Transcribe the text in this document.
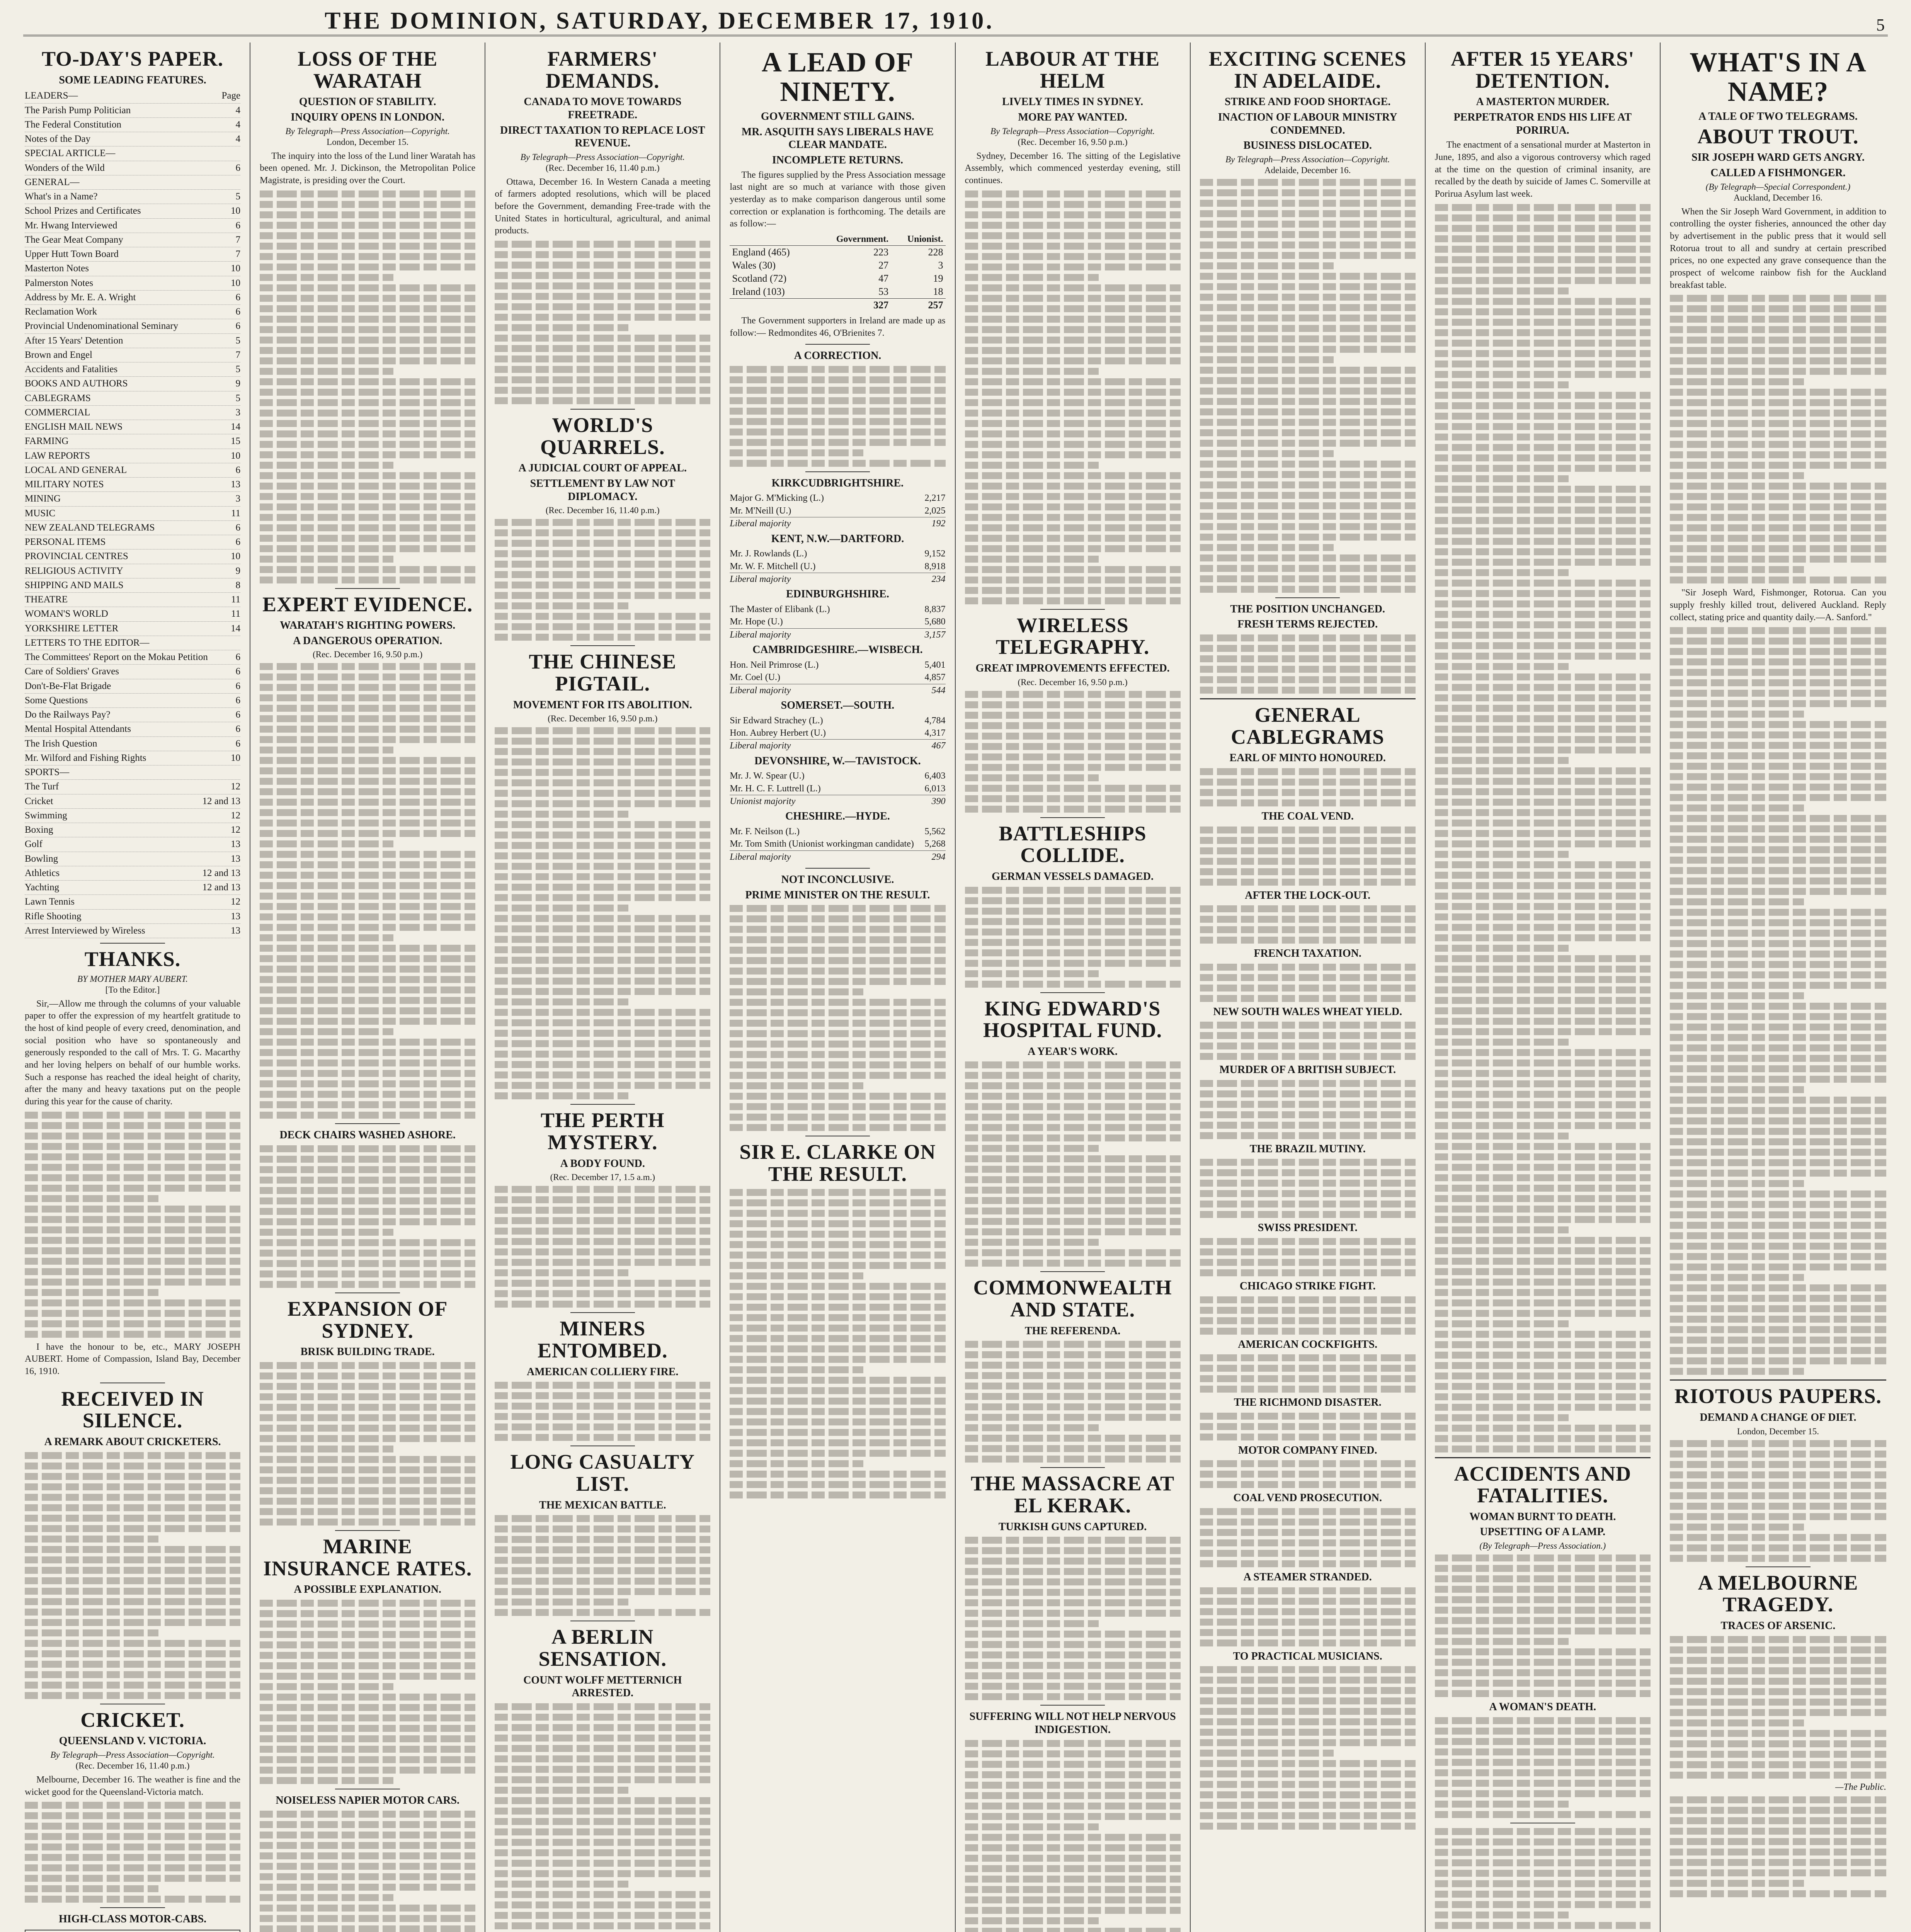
THE DOMINION, SATURDAY, DECEMBER 17, 1910.	5
TO-DAY'S PAPER.
SOME LEADING FEATURES.
LEADERS—	Page
The Parish Pump Politician	4
The Federal Constitution	4
Notes of the Day	4
SPECIAL ARTICLE—
Wonders of the Wild	6
GENERAL—
What's in a Name?	5
School Prizes and Certificates	10
Mr. Hwang Interviewed	6
The Gear Meat Company	7
Upper Hutt Town Board	7
Masterton Notes	10
Palmerston Notes	10
Address by Mr. E. A. Wright	6
Reclamation Work	6
Provincial Undenominational Seminary	6
After 15 Years' Detention	5
Brown and Engel	7
Accidents and Fatalities	5
BOOKS AND AUTHORS	9
CABLEGRAMS	5
COMMERCIAL	3
ENGLISH MAIL NEWS	14
FARMING	15
LAW REPORTS	10
LOCAL AND GENERAL	6
MILITARY NOTES	13
MINING	3
MUSIC	11
NEW ZEALAND TELEGRAMS	6
PERSONAL ITEMS	6
PROVINCIAL CENTRES	10
RELIGIOUS ACTIVITY	9
SHIPPING AND MAILS	8
THEATRE	11
WOMAN'S WORLD	11
YORKSHIRE LETTER	14
LETTERS TO THE EDITOR—
The Committees' Report on the Mokau Petition	6
Care of Soldiers' Graves	6
Don't-Be-Flat Brigade	6
Some Questions	6
Do the Railways Pay?	6
Mental Hospital Attendants	6
The Irish Question	6
Mr. Wilford and Fishing Rights	10
SPORTS—
The Turf	12
Cricket	12 and 13
Swimming	12
Boxing	12
Golf	13
Bowling	13
Athletics	12 and 13
Yachting	12 and 13
Lawn Tennis	12
Rifle Shooting	13
Arrest Interviewed by Wireless	13
THANKS.
BY MOTHER MARY AUBERT.
[To the Editor.]

Sir,—Allow me through the columns of your valuable paper to offer the expression of my heartfelt gratitude to the host of kind people of every creed, denomination, and social position who have so spontaneously and generously responded to the call of Mrs. T. G. Macarthy and her loving helpers on behalf of our humble works. Such a response has reached the ideal height of charity, after the many and heavy taxations put on the people during this year for the cause of charity.

I have the honour to be, etc., MARY JOSEPH AUBERT. Home of Compassion, Island Bay, December 16, 1910.

RECEIVED IN SILENCE.
A REMARK ABOUT CRICKETERS.
CRICKET.
QUEENSLAND V. VICTORIA.
By Telegraph—Press Association—Copyright.
(Rec. December 16, 11.40 p.m.)

Melbourne, December 16. The weather is fine and the wicket good for the Queensland-Victoria match.

HIGH-CLASS MOTOR-CABS.
LOSS OF THE WARATAH
QUESTION OF STABILITY.
INQUIRY OPENS IN LONDON.
By Telegraph—Press Association—Copyright.
London, December 15.

The inquiry into the loss of the Lund liner Waratah has been opened. Mr. J. Dickinson, the Metropolitan Police Magistrate, is presiding over the Court.

EXPERT EVIDENCE.
WARATAH'S RIGHTING POWERS.
A DANGEROUS OPERATION.
(Rec. December 16, 9.50 p.m.)
DECK CHAIRS WASHED ASHORE.
EXPANSION OF SYDNEY.
BRISK BUILDING TRADE.
MARINE INSURANCE RATES.
A POSSIBLE EXPLANATION.
NOISELESS NAPIER MOTOR CARS.
FARMERS' DEMANDS.
CANADA TO MOVE TOWARDS FREETRADE.
DIRECT TAXATION TO REPLACE LOST REVENUE.
By Telegraph—Press Association—Copyright.
(Rec. December 16, 11.40 p.m.)

Ottawa, December 16. In Western Canada a meeting of farmers adopted resolutions, which will be placed before the Government, demanding Free-trade with the United States in horticultural, agricultural, and animal products.

WORLD'S QUARRELS.
A JUDICIAL COURT OF APPEAL.
SETTLEMENT BY LAW NOT DIPLOMACY.
(Rec. December 16, 11.40 p.m.)
THE CHINESE PIGTAIL.
MOVEMENT FOR ITS ABOLITION.
(Rec. December 16, 9.50 p.m.)
THE PERTH MYSTERY.
A BODY FOUND.
(Rec. December 17, 1.5 a.m.)
MINERS ENTOMBED.
AMERICAN COLLIERY FIRE.
LONG CASUALTY LIST.
THE MEXICAN BATTLE.
A BERLIN SENSATION.
COUNT WOLFF METTERNICH ARRESTED.
A LEAD OF NINETY.
GOVERNMENT STILL GAINS.
MR. ASQUITH SAYS LIBERALS HAVE CLEAR MANDATE.
INCOMPLETE RETURNS.

The figures supplied by the Press Association message last night are so much at variance with those given yesterday as to make comparison dangerous until some correction or explanation is forthcoming. The details are as follow:—

	Government.	Unionist.
England (465)	223	228
Wales (30)	27	3
Scotland (72)	47	19
Ireland (103)	53	18
	327	257

The Government supporters in Ireland are made up as follow:— Redmondites 46, O'Brienites 7.

A CORRECTION.
KIRKCUDBRIGHTSHIRE.
Major G. M'Micking (L.)	2,217
Mr. M'Neill (U.)	2,025
Liberal majority	192
KENT, N.W.—DARTFORD.
Mr. J. Rowlands (L.)	9,152
Mr. W. F. Mitchell (U.)	8,918
Liberal majority	234
EDINBURGHSHIRE.
The Master of Elibank (L.)	8,837
Mr. Hope (U.)	5,680
Liberal majority	3,157
CAMBRIDGESHIRE.—WISBECH.
Hon. Neil Primrose (L.)	5,401
Mr. Coel (U.)	4,857
Liberal majority	544
SOMERSET.—SOUTH.
Sir Edward Strachey (L.)	4,784
Hon. Aubrey Herbert (U.)	4,317
Liberal majority	467
DEVONSHIRE, W.—TAVISTOCK.
Mr. J. W. Spear (U.)	6,403
Mr. H. C. F. Luttrell (L.)	6,013
Unionist majority	390
CHESHIRE.—HYDE.
Mr. F. Neilson (L.)	5,562
Mr. Tom Smith (Unionist workingman candidate) 5,268
Liberal majority	294
NOT INCONCLUSIVE.
PRIME MINISTER ON THE RESULT.
SIR E. CLARKE ON THE RESULT.
LABOUR AT THE HELM
LIVELY TIMES IN SYDNEY.
MORE PAY WANTED.
By Telegraph—Press Association—Copyright.
(Rec. December 16, 9.50 p.m.)

Sydney, December 16. The sitting of the Legislative Assembly, which commenced yesterday evening, still continues.

WIRELESS TELEGRAPHY.
GREAT IMPROVEMENTS EFFECTED.
(Rec. December 16, 9.50 p.m.)
BATTLESHIPS COLLIDE.
GERMAN VESSELS DAMAGED.
KING EDWARD'S HOSPITAL FUND.
A YEAR'S WORK.
COMMONWEALTH AND STATE.
THE REFERENDA.
THE MASSACRE AT EL KERAK.
TURKISH GUNS CAPTURED.
SUFFERING WILL NOT HELP NERVOUS INDIGESTION.
EXCITING SCENES IN ADELAIDE.
STRIKE AND FOOD SHORTAGE.
INACTION OF LABOUR MINISTRY CONDEMNED.
BUSINESS DISLOCATED.
By Telegraph—Press Association—Copyright.
Adelaide, December 16.
THE POSITION UNCHANGED.
FRESH TERMS REJECTED.
GENERAL CABLEGRAMS
EARL OF MINTO HONOURED.
THE COAL VEND.
AFTER THE LOCK-OUT.
FRENCH TAXATION.
NEW SOUTH WALES WHEAT YIELD.
MURDER OF A BRITISH SUBJECT.
THE BRAZIL MUTINY.
SWISS PRESIDENT.
CHICAGO STRIKE FIGHT.
AMERICAN COCKFIGHTS.
THE RICHMOND DISASTER.
MOTOR COMPANY FINED.
COAL VEND PROSECUTION.
A STEAMER STRANDED.
TO PRACTICAL MUSICIANS.
AFTER 15 YEARS' DETENTION.
A MASTERTON MURDER.
PERPETRATOR ENDS HIS LIFE AT PORIRUA.

The enactment of a sensational murder at Masterton in June, 1895, and also a vigorous controversy which raged at the time on the question of criminal insanity, are recalled by the death by suicide of James C. Somerville at Porirua Asylum last week.

ACCIDENTS AND FATALITIES.
WOMAN BURNT TO DEATH.
UPSETTING OF A LAMP.
(By Telegraph—Press Association.)
A WOMAN'S DEATH.
WHAT'S IN A NAME?
A TALE OF TWO TELEGRAMS.
ABOUT TROUT.
SIR JOSEPH WARD GETS ANGRY.
CALLED A FISHMONGER.
(By Telegraph—Special Correspondent.)
Auckland, December 16.

When the Sir Joseph Ward Government, in addition to controlling the oyster fisheries, announced the other day by advertisement in the public press that it would sell Rotorua trout to all and sundry at certain prescribed prices, no one expected any grave consequence than the prospect of welcome rainbow fish for the Auckland breakfast table.

"Sir Joseph Ward, Fishmonger, Rotorua. Can you supply freshly killed trout, delivered Auckland. Reply collect, stating price and quantity daily.—A. Sanford."

RIOTOUS PAUPERS.
DEMAND A CHANGE OF DIET.
London, December 15.
A MELBOURNE TRAGEDY.
TRACES OF ARSENIC.
—The Public.
